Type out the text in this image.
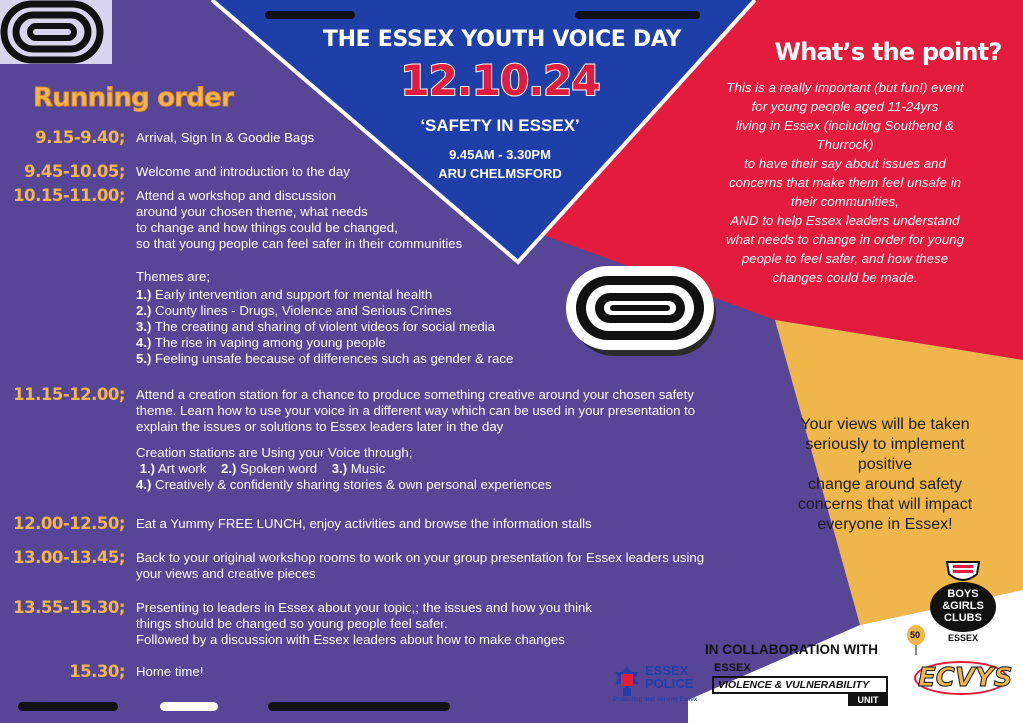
THE ESSEX YOUTH VOICE DAY
12.10.24
‘SAFETY IN ESSEX’
9.45AM - 3.30PM
ARU CHELMSFORD
Running order
9.15-9.40; Arrival, Sign In & Goodie Bags
9.45-10.05; Welcome and introduction to the day
10.15-11.00; Attend a workshop and discussion
around your chosen theme, what needs
to change and how things could be changed,
so that young people can feel safer in their communities
Themes are;
1.) Early intervention and support for mental health
2.) County lines - Drugs, Violence and Serious Crimes
3.) The creating and sharing of violent videos for social media
4.) The rise in vaping among young people
5.) Feeling unsafe because of differences such as gender & race
11.15-12.00; Attend a creation station for a chance to produce something creative around your chosen safety
theme. Learn how to use your voice in a different way which can be used in your presentation to
explain the issues or solutions to Essex leaders later in the day
Creation stations are Using your Voice through;
1.) Art work 2.) Spoken word 3.) Music
4.) Creatively & confidently sharing stories & own personal experiences
12.00-12.50; Eat a Yummy FREE LUNCH, enjoy activities and browse the information stalls
13.00-13.45; Back to your original workshop rooms to work on your group presentation for Essex leaders using
your views and creative pieces
13.55-15.30; Presenting to leaders in Essex about your topic,; the issues and how you think
things should be changed so young people feel safer.
Followed by a discussion with Essex leaders about how to make changes
15.30; Home time!
What’s the point?
This is a really important (but fun!) event
for young people aged 11-24yrs
living in Essex (including Southend &
Thurrock)
to have their say about issues and
concerns that make them feel unsafe in
their communities,
AND to help Essex leaders understand
what needs to change in order for young
people to feel safer, and how these
changes could be made.
Your views will be taken
seriously to implement
positive
change around safety
concerns that will impact
everyone in Essex!
IN COLLABORATION WITH
ESSEX
POLICE
Protecting and serving Essex
ESSEX
VIOLENCE & VULNERABILITY
UNIT
BOYS
&GIRLS
CLUBS
ESSEX
50
ECVYS
